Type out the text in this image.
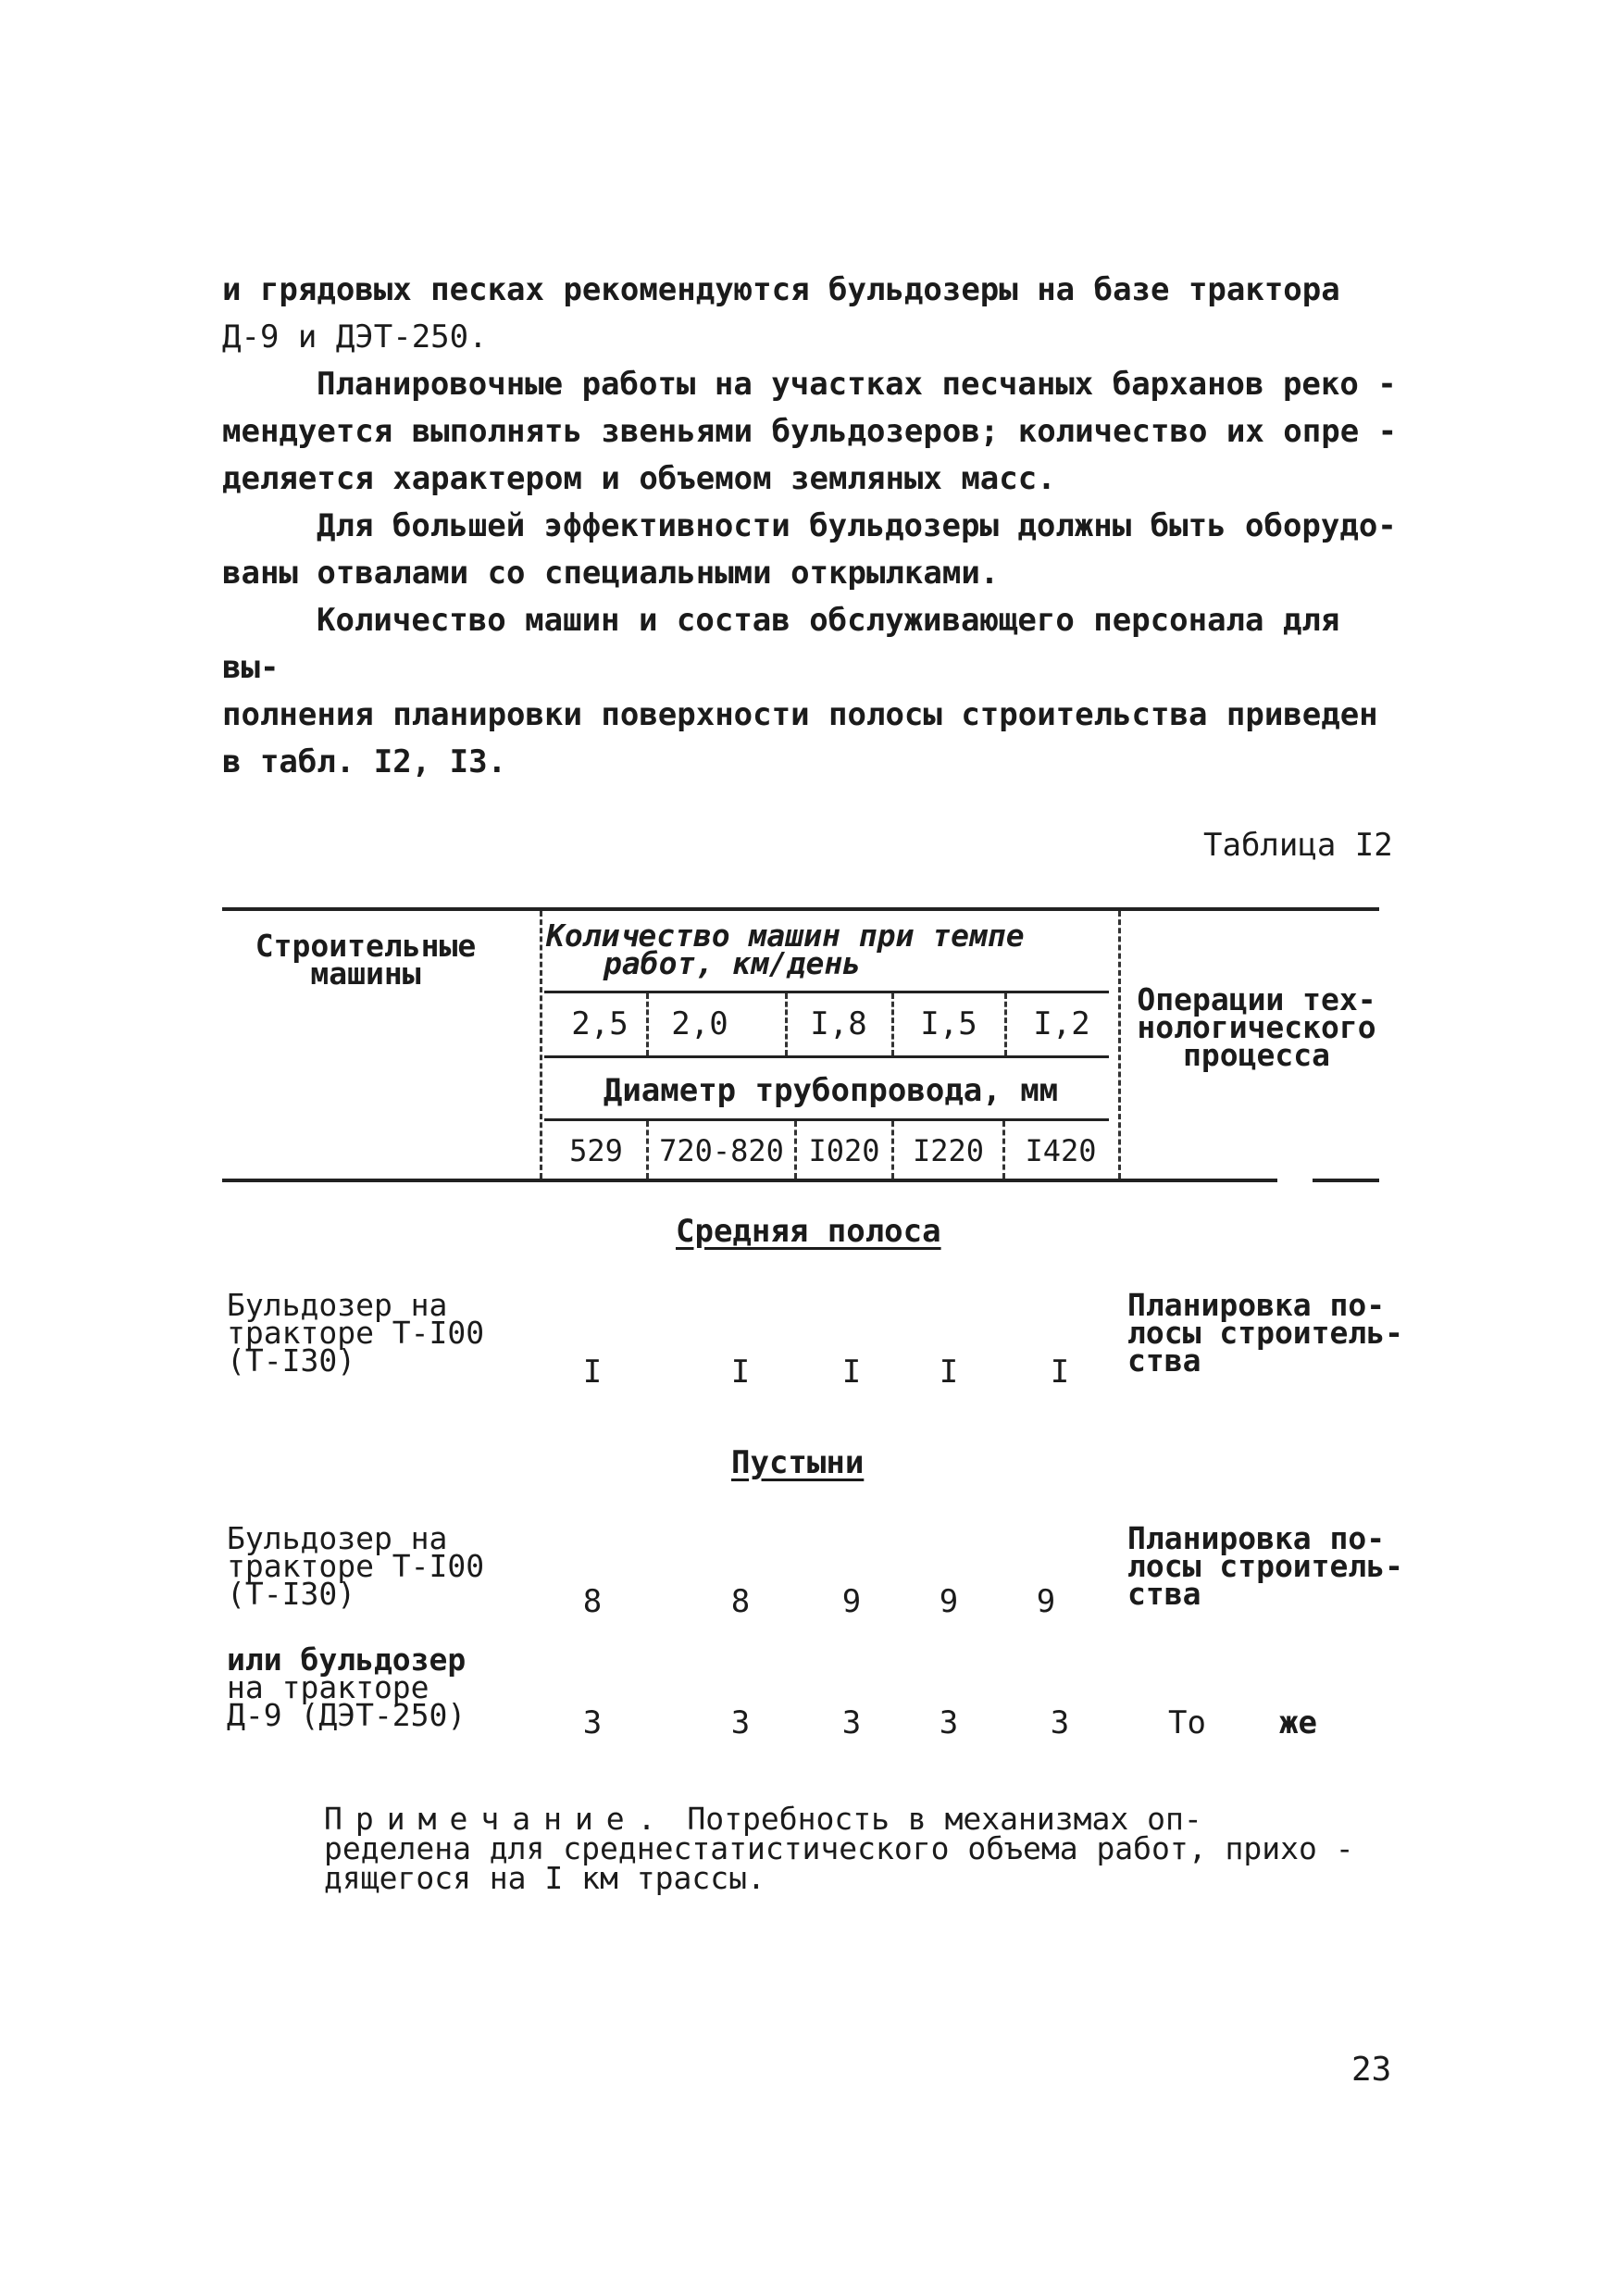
и грядовых песках рекомендуются бульдозеры на базе трактора

Д-9 и ДЭТ-250.

Планировочные работы на участках песчаных барханов реко -

мендуется выполнять звеньями бульдозеров; количество их опре -

деляется характером и объемом земляных масс.

Для большей эффективности бульдозеры должны быть оборудо-

ваны отвалами со специальными открылками.

Количество машин и состав обслуживающего персонала для вы-

полнения планировки поверхности полосы строительства приведен

в табл. I2, I3.

Таблица I2
Строительные
машины
Количество машин при темпе
работ, км/день
2,5	2,0	I,8	I,5	I,2
Диаметр трубопровода, мм
529	720-820 I020	I220	I420
Операции тех-
нологического
процесса
Средняя полоса
Бульдозер на
тракторе Т-I00
(Т-I30)	I	I	I	I	I
Планировка по-
лосы строитель-
ства
Пустыни
Бульдозер на
тракторе Т-I00
(Т-I30)	8	8	9	9	9
Планировка по-
лосы строитель-
ства
или бульдозер
на тракторе
Д-9 (ДЭТ-250)	3	3	3	3	3	То же
Примечание. Потребность в механизмах оп-
ределена для среднестатистического объема работ, прихо -
дящегося на I км трассы.
23
